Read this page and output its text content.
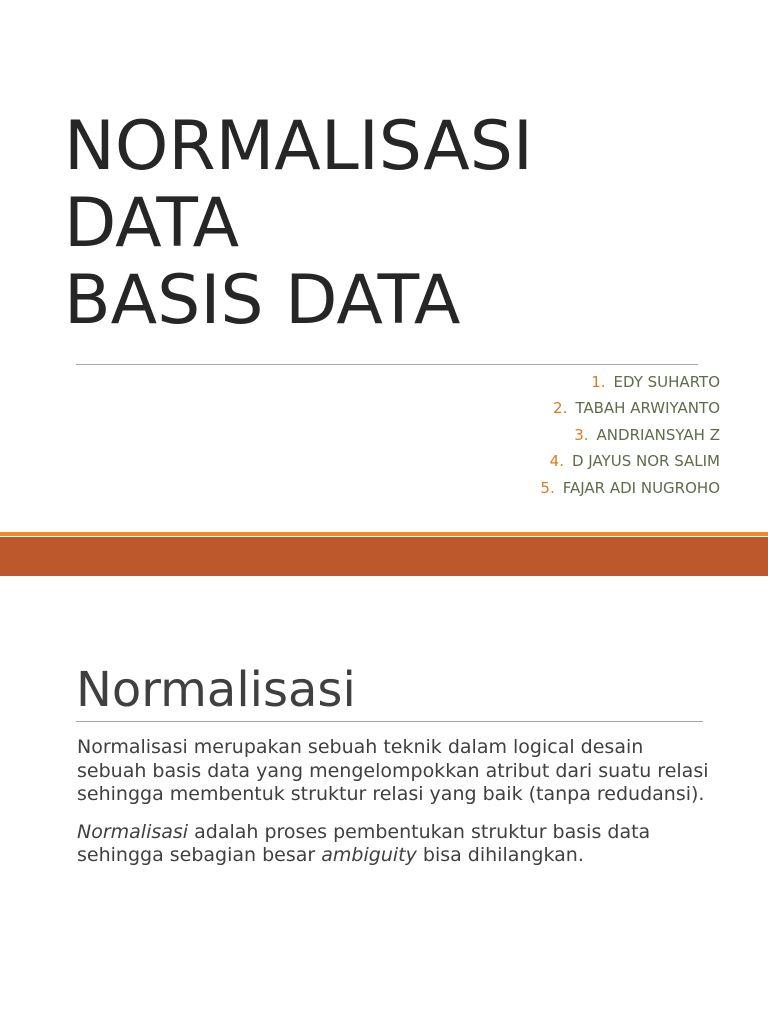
NORMALISASI
DATA
BASIS DATA
1. EDY SUHARTO
2. TABAH ARWIYANTO
3. ANDRIANSYAH Z
4. D JAYUS NOR SALIM
5. FAJAR ADI NUGROHO
Normalisasi

Normalisasi merupakan sebuah teknik dalam logical desain sebuah basis data yang mengelompokkan atribut dari suatu relasi sehingga membentuk struktur relasi yang baik (tanpa redudansi).

Normalisasi adalah proses pembentukan struktur basis data sehingga sebagian besar ambiguity bisa dihilangkan.
